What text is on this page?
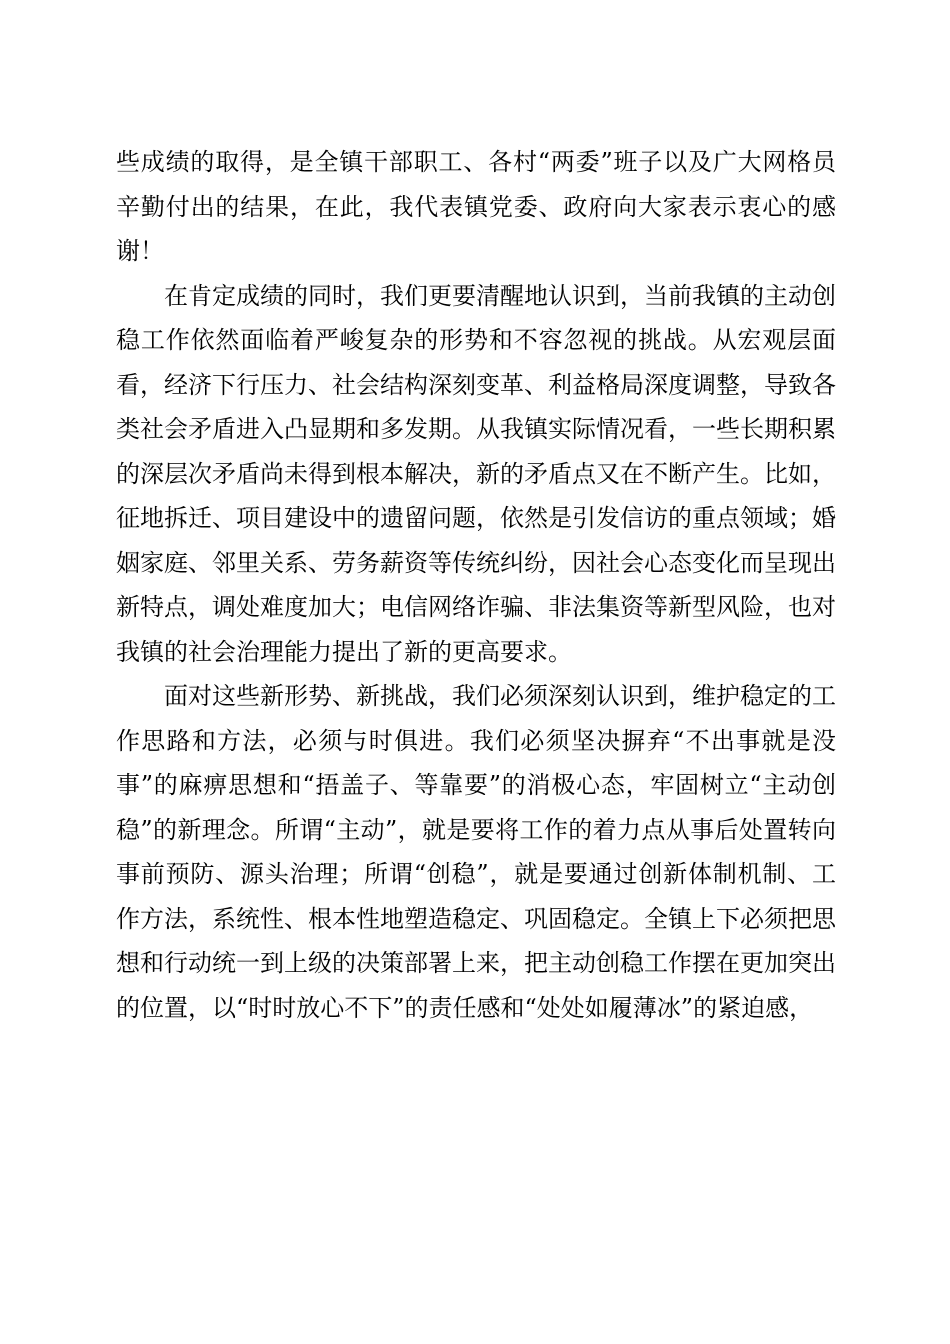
些成绩的取得，是全镇干部职工、各村“两委”班子以及广大网格员辛勤付出的结果，在此，我代表镇党委、政府向大家表示衷心的感谢！

在肯定成绩的同时，我们更要清醒地认识到，当前我镇的主动创稳工作依然面临着严峻复杂的形势和不容忽视的挑战。从宏观层面看，经济下行压力、社会结构深刻变革、利益格局深度调整，导致各类社会矛盾进入凸显期和多发期。从我镇实际情况看，一些长期积累的深层次矛盾尚未得到根本解决，新的矛盾点又在不断产生。比如，征地拆迁、项目建设中的遗留问题，依然是引发信访的重点领域；婚姻家庭、邻里关系、劳务薪资等传统纠纷，因社会心态变化而呈现出新特点，调处难度加大；电信网络诈骗、非法集资等新型风险，也对我镇的社会治理能力提出了新的更高要求。

面对这些新形势、新挑战，我们必须深刻认识到，维护稳定的工作思路和方法，必须与时俱进。我们必须坚决摒弃“不出事就是没事”的麻痹思想和“捂盖子、等靠要”的消极心态，牢固树立“主动创稳”的新理念。所谓“主动”，就是要将工作的着力点从事后处置转向事前预防、源头治理；所谓“创稳”，就是要通过创新体制机制、工作方法，系统性、根本性地塑造稳定、巩固稳定。全镇上下必须把思想和行动统一到上级的决策部署上来，把主动创稳工作摆在更加突出的位置，以“时时放心不下”的责任感和“处处如履薄冰”的紧迫感，
